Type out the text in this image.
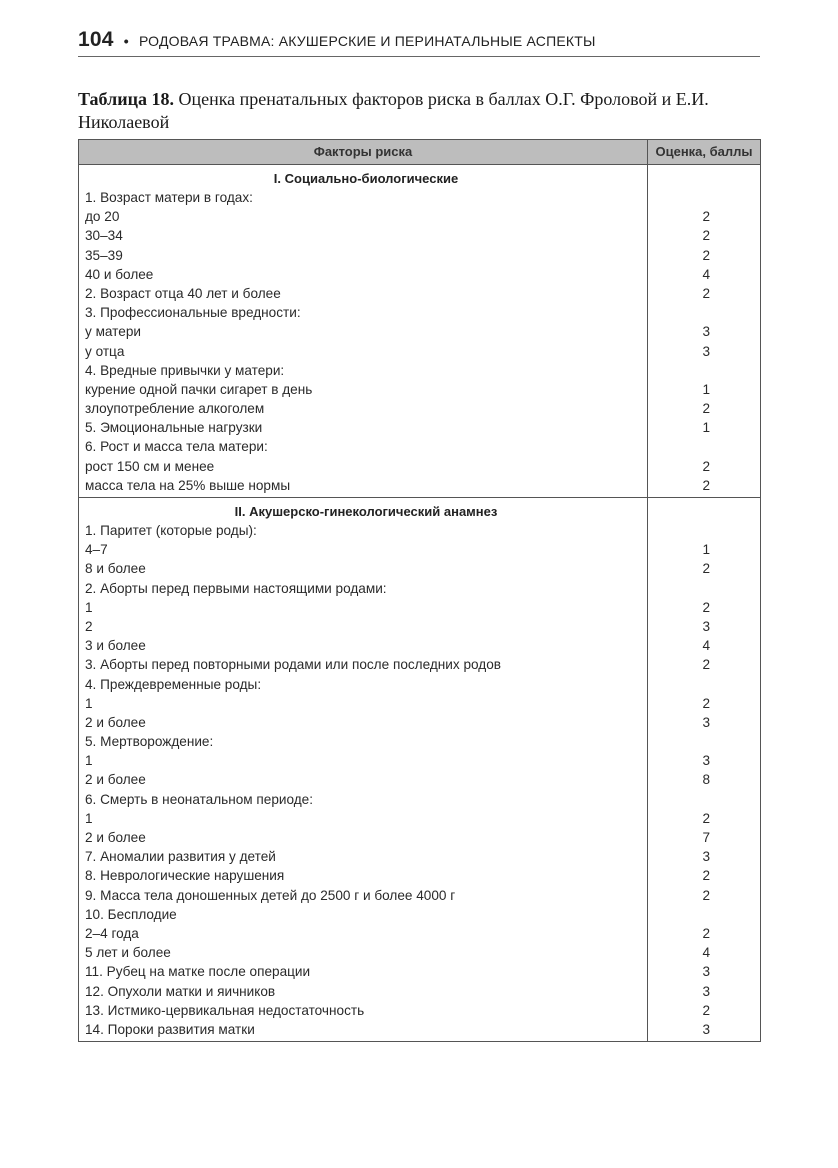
104 • РОДОВАЯ ТРАВМА: АКУШЕРСКИЕ И ПЕРИНАТАЛЬНЫЕ АСПЕКТЫ
Таблица 18. Оценка пренатальных факторов риска в баллах О.Г. Фроловой и Е.И. Николаевой
Факторы риска	Оценка, баллы
I. Социально-биологические
1. Возраст матери в годах:
до 20
30–34
35–39
40 и более
2. Возраст отца 40 лет и более
3. Профессиональные вредности:
у матери
у отца
4. Вредные привычки у матери:
курение одной пачки сигарет в день
злоупотребление алкоголем
5. Эмоциональные нагрузки
6. Рост и масса тела матери:
рост 150 см и менее
масса тела на 25% выше нормы
2
2
2
4
2
3
3
1
2
1
2
2
II. Акушерско-гинекологический анамнез
1. Паритет (которые роды):
4–7
8 и более
2. Аборты перед первыми настоящими родами:
1
2
3 и более
3. Аборты перед повторными родами или после последних родов
4. Преждевременные роды:
1
2 и более
5. Мертворождение:
1
2 и более
6. Смерть в неонатальном периоде:
1
2 и более
7. Аномалии развития у детей
8. Неврологические нарушения
9. Масса тела доношенных детей до 2500 г и более 4000 г
10. Бесплодие
2–4 года
5 лет и более
11. Рубец на матке после операции
12. Опухоли матки и яичников
13. Истмико-цервикальная недостаточность
14. Пороки развития матки
1
2
2
3
4
2
2
3
3
8
2
7
3
2
2
2
4
3
3
2
3
